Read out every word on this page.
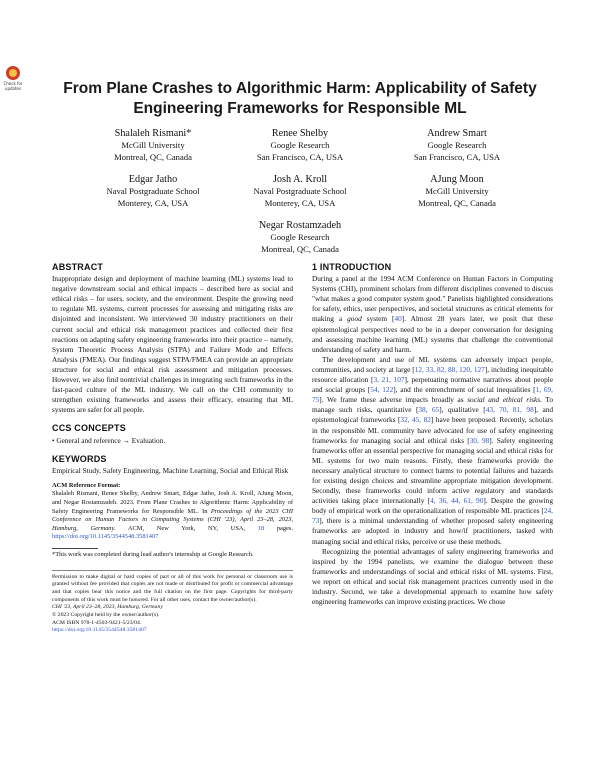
Check for updates	From Plane Crashes to Algorithmic Harm: Applicability of Safety Engineering Frameworks for Responsible ML
Shalaleh Rismani*
McGill University
Montreal, QC, Canada
Renee Shelby
Google Research
San Francisco, CA, USA
Andrew Smart
Google Research
San Francisco, CA, USA
Edgar Jatho
Naval Postgraduate School
Monterey, CA, USA
Josh A. Kroll
Naval Postgraduate School
Monterey, CA, USA
AJung Moon
McGill University
Montreal, QC, Canada
Negar Rostamzadeh
Google Research
Montreal, QC, Canada
ABSTRACT

Inappropriate design and deployment of machine learning (ML) systems lead to negative downstream social and ethical impacts – described here as social and ethical risks – for users, society, and the environment. Despite the growing need to regulate ML systems, current processes for assessing and mitigating risks are disjointed and inconsistent. We interviewed 30 industry practitioners on their current social and ethical risk management practices and collected their first reactions on adapting safety engineering frameworks into their practice – namely, System Theoretic Process Analysis (STPA) and Failure Mode and Effects Analysis (FMEA). Our findings suggest STPA/FMEA can provide an appropriate structure for social and ethical risk assessment and mitigation processes. However, we also find nontrivial challenges in integrating such frameworks in the fast-paced culture of the ML industry. We call on the CHI community to strengthen existing frameworks and assess their efficacy, ensuring that ML systems are safer for all people.

CCS CONCEPTS

• General and reference → Evaluation.

KEYWORDS

Empirical Study, Safety Engineering, Machine Learning, Social and Ethical Risk

ACM Reference Format:

Shalaleh Rismani, Renee Shelby, Andrew Smart, Edgar Jatho, Josh A. Kroll, AJung Moon, and Negar Rostamzadeh. 2023. From Plane Crashes to Algorithmic Harm: Applicability of Safety Engineering Frameworks for Responsible ML. In Proceedings of the 2023 CHI Conference on Human Factors in Computing Systems (CHI '23), April 23–28, 2023, Hamburg, Germany. ACM, New York, NY, USA, 18 pages. https://doi.org/10.1145/3544548.3581407

*This work was completed during lead author's internship at Google Research.

Permission to make digital or hard copies of part or all of this work for personal or classroom use is granted without fee provided that copies are not made or distributed for profit or commercial advantage and that copies bear this notice and the full citation on the first page. Copyrights for third-party components of this work must be honored. For all other uses, contact the owner/author(s).

CHI '23, April 23–28, 2023, Hamburg, Germany

© 2023 Copyright held by the owner/author(s).

ACM ISBN 978-1-4503-9421-5/23/04.

https://doi.org/10.1145/3544548.3581407

1 INTRODUCTION

During a panel at the 1994 ACM Conference on Human Factors in Computing Systems (CHI), prominent scholars from different disciplines convened to discuss "what makes a good computer system good." Panelists highlighted considerations for safety, ethics, user perspectives, and societal structures as critical elements for making a good system [40]. Almost 28 years later, we posit that these epistemological perspectives need to be in a deeper conversation for designing and assessing machine learning (ML) systems that challenge the conventional understanding of safety and harm.

The development and use of ML systems can adversely impact people, communities, and society at large [12, 33, 82, 88, 120, 127], including inequitable resource allocation [3, 21, 107], perpetuating normative narratives about people and social groups [54, 122], and the entrenchment of social inequalities [1, 69, 75]. We frame these adverse impacts broadly as social and ethical risks. To manage such risks, quantitative [38, 65], qualitative [43, 70, 81, 98], and epistemological frameworks [32, 45, 82] have been proposed. Recently, scholars in the responsible ML community have advocated for use of safety engineering frameworks for managing social and ethical risks [30, 98]. Safety engineering frameworks offer an essential perspective for managing social and ethical risks for ML systems for two main reasons. Firstly, these frameworks provide the necessary analytical structure to connect harms to potential failures and hazards for existing design choices and streamline appropriate mitigation development. Secondly, these frameworks could inform active regulatory and standards activities taking place internationally [4, 36, 44, 61, 90]. Despite the growing body of empirical work on the operationalization of responsible ML practices [24, 73], there is a minimal understanding of whether proposed safety engineering frameworks are adopted in industry and how/if practitioners, tasked with managing social and ethical risks, perceive or use these methods.

Recognizing the potential advantages of safety engineering frameworks and inspired by the 1994 panelists, we examine the dialogue between these frameworks and understandings of social and ethical risks of ML systems. First, we report on ethical and social risk management practices currently used in the industry. Second, we take a developmental approach to examine how safety engineering frameworks can improve existing practices. We chose
